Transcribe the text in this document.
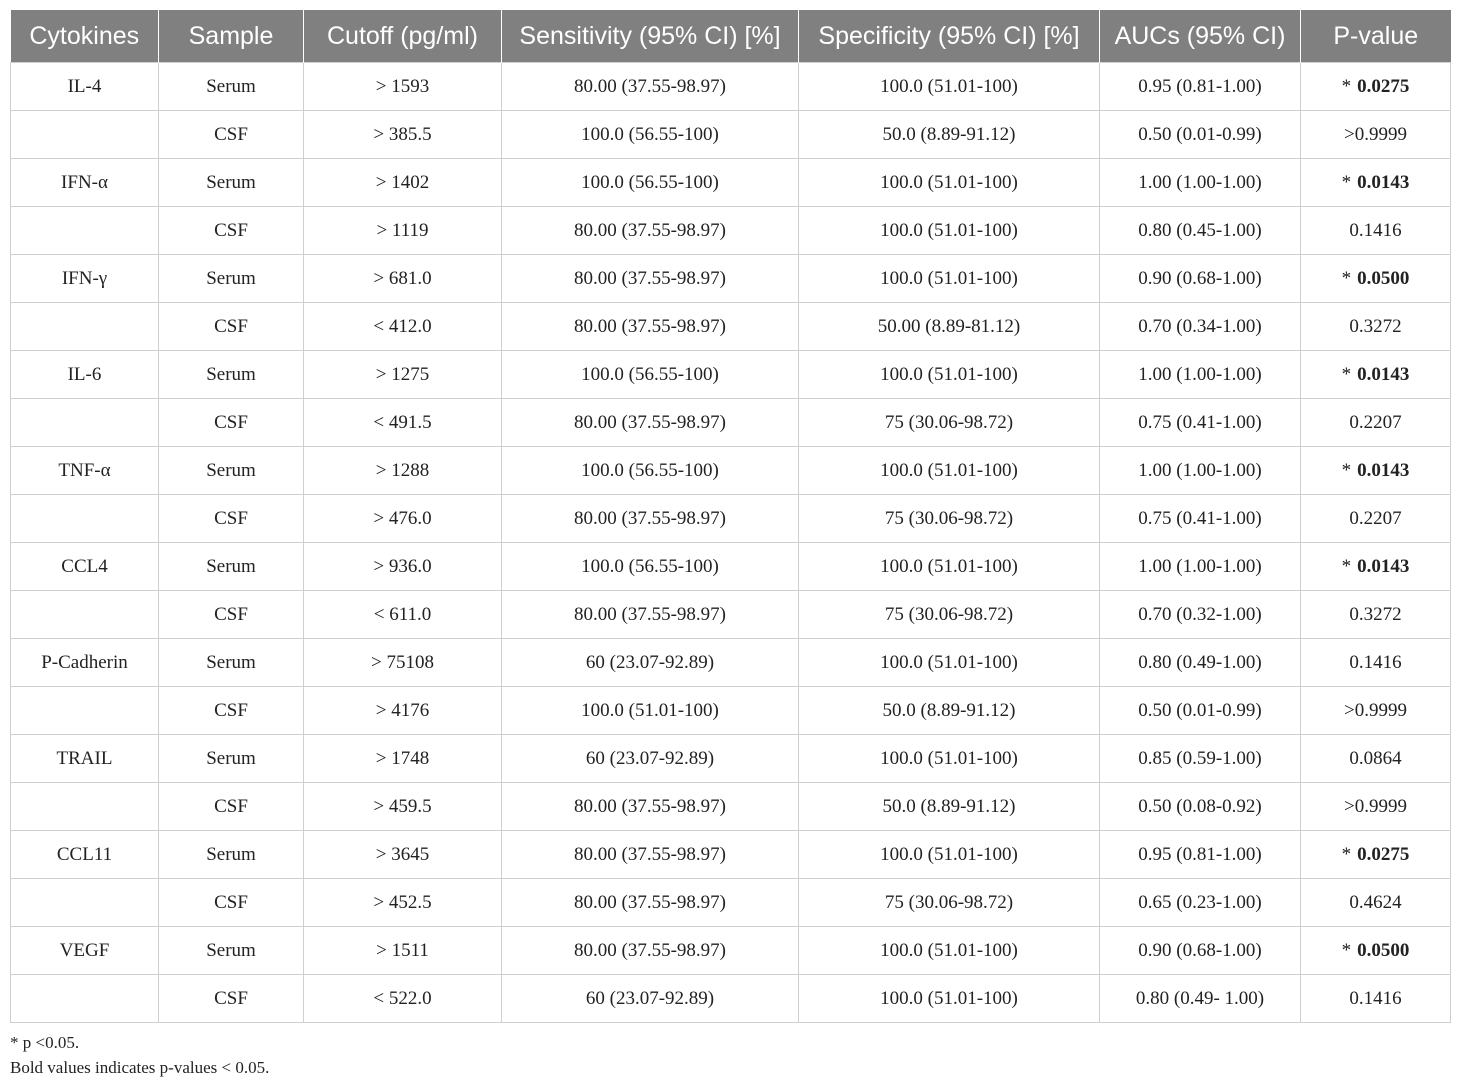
Cytokines	Sample	Cutoff (pg/ml)	Sensitivity (95% CI) [%]	Specificity (95% CI) [%]	AUCs (95% CI)	P-value
IL-4	Serum	> 1593	80.00 (37.55-98.97)	100.0 (51.01-100)	0.95 (0.81-1.00)	* 0.0275
	CSF	> 385.5	100.0 (56.55-100)	50.0 (8.89-91.12)	0.50 (0.01-0.99)	>0.9999
IFN-α	Serum	> 1402	100.0 (56.55-100)	100.0 (51.01-100)	1.00 (1.00-1.00)	* 0.0143
	CSF	> 1119	80.00 (37.55-98.97)	100.0 (51.01-100)	0.80 (0.45-1.00)	0.1416
IFN-γ	Serum	> 681.0	80.00 (37.55-98.97)	100.0 (51.01-100)	0.90 (0.68-1.00)	* 0.0500
	CSF	< 412.0	80.00 (37.55-98.97)	50.00 (8.89-81.12)	0.70 (0.34-1.00)	0.3272
IL-6	Serum	> 1275	100.0 (56.55-100)	100.0 (51.01-100)	1.00 (1.00-1.00)	* 0.0143
	CSF	< 491.5	80.00 (37.55-98.97)	75 (30.06-98.72)	0.75 (0.41-1.00)	0.2207
TNF-α	Serum	> 1288	100.0 (56.55-100)	100.0 (51.01-100)	1.00 (1.00-1.00)	* 0.0143
	CSF	> 476.0	80.00 (37.55-98.97)	75 (30.06-98.72)	0.75 (0.41-1.00)	0.2207
CCL4	Serum	> 936.0	100.0 (56.55-100)	100.0 (51.01-100)	1.00 (1.00-1.00)	* 0.0143
	CSF	< 611.0	80.00 (37.55-98.97)	75 (30.06-98.72)	0.70 (0.32-1.00)	0.3272
P-Cadherin	Serum	> 75108	60 (23.07-92.89)	100.0 (51.01-100)	0.80 (0.49-1.00)	0.1416
	CSF	> 4176	100.0 (51.01-100)	50.0 (8.89-91.12)	0.50 (0.01-0.99)	>0.9999
TRAIL	Serum	> 1748	60 (23.07-92.89)	100.0 (51.01-100)	0.85 (0.59-1.00)	0.0864
	CSF	> 459.5	80.00 (37.55-98.97)	50.0 (8.89-91.12)	0.50 (0.08-0.92)	>0.9999
CCL11	Serum	> 3645	80.00 (37.55-98.97)	100.0 (51.01-100)	0.95 (0.81-1.00)	* 0.0275
	CSF	> 452.5	80.00 (37.55-98.97)	75 (30.06-98.72)	0.65 (0.23-1.00)	0.4624
VEGF	Serum	> 1511	80.00 (37.55-98.97)	100.0 (51.01-100)	0.90 (0.68-1.00)	* 0.0500
	CSF	< 522.0	60 (23.07-92.89)	100.0 (51.01-100)	0.80 (0.49- 1.00)	0.1416
* p <0.05.
Bold values indicates p-values < 0.05.
